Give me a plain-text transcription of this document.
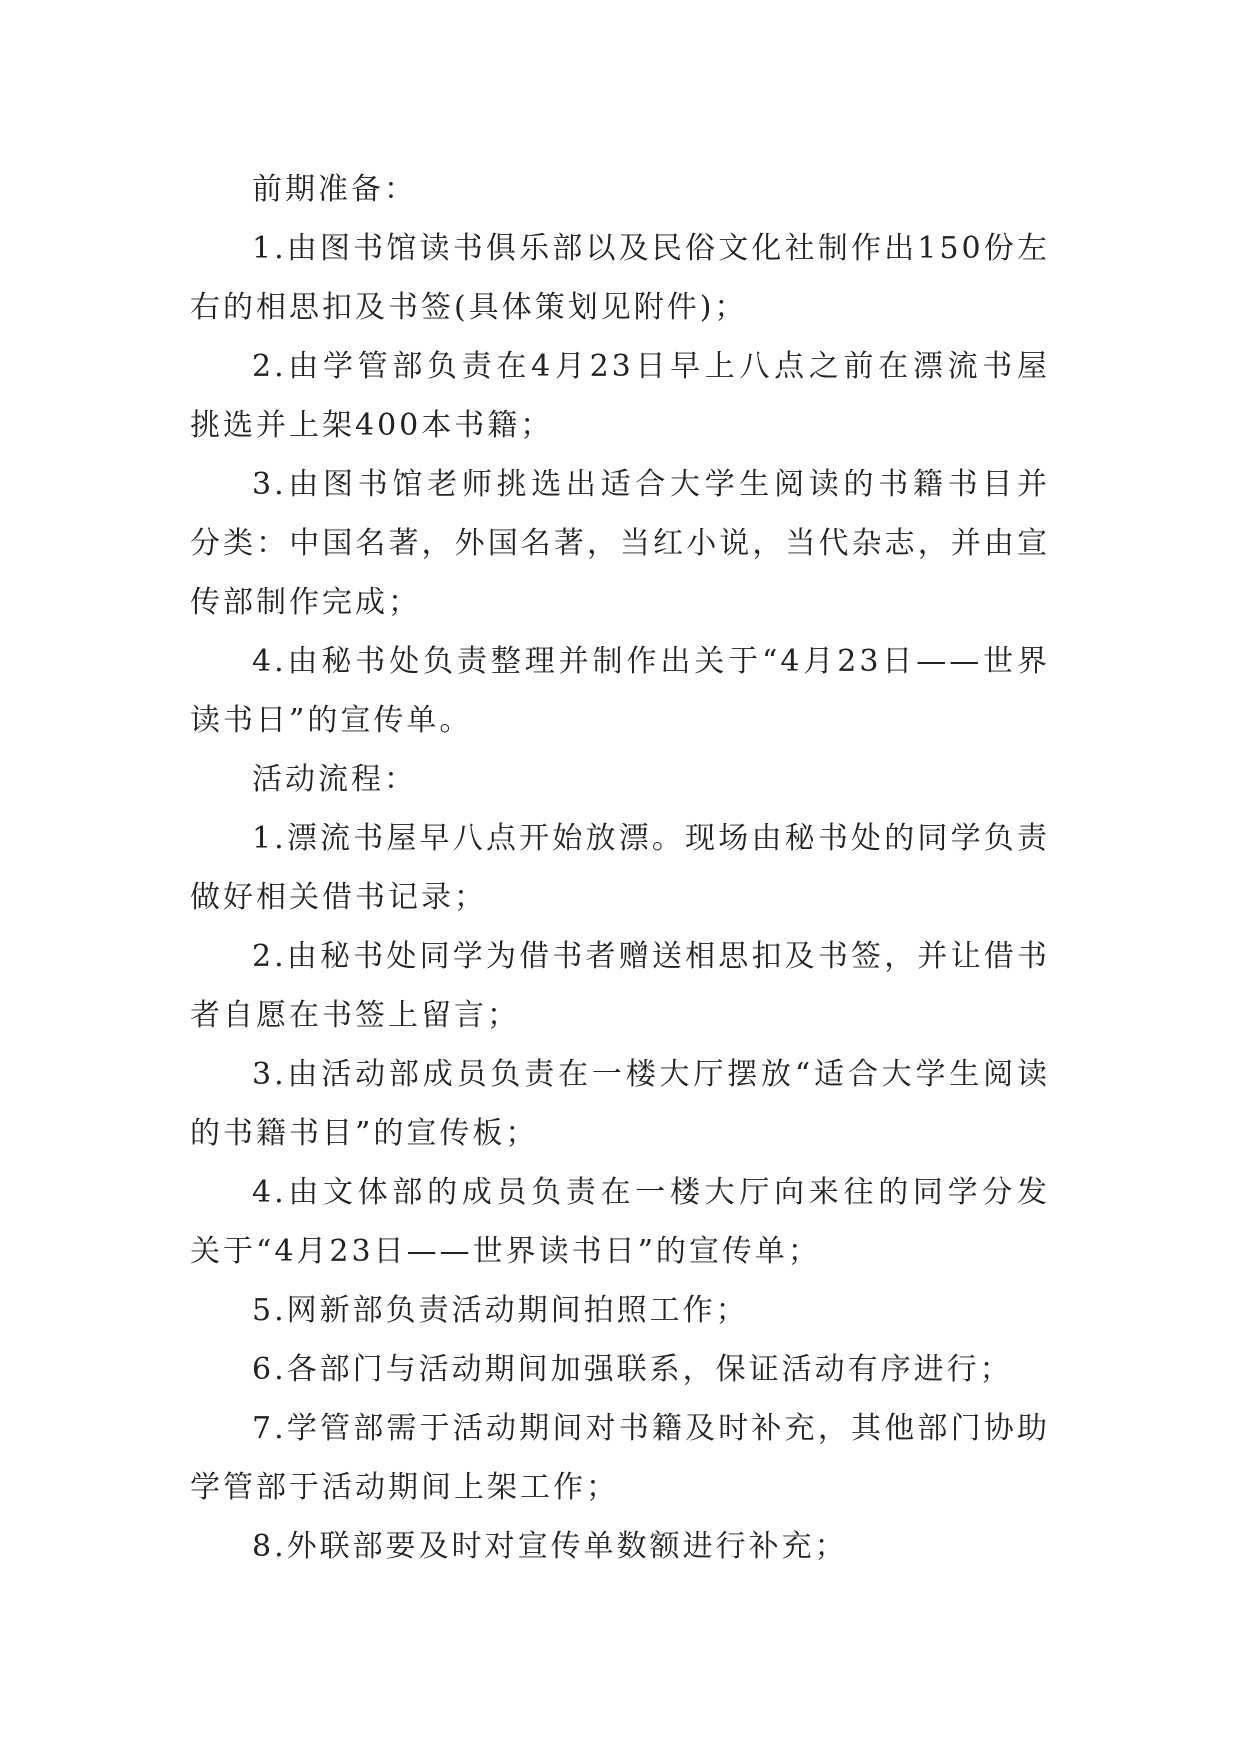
前期准备：
1.由图书馆读书俱乐部以及民俗文化社制作出150份左
右的相思扣及书签(具体策划见附件)；
2.由学管部负责在4月23日早上八点之前在漂流书屋
挑选并上架400本书籍；
3.由图书馆老师挑选出适合大学生阅读的书籍书目并
分类：中国名著，外国名著，当红小说，当代杂志，并由宣
传部制作完成；
4.由秘书处负责整理并制作出关于“4月23日——世界
读书日”的宣传单。
活动流程：
1.漂流书屋早八点开始放漂。现场由秘书处的同学负责
做好相关借书记录；
2.由秘书处同学为借书者赠送相思扣及书签，并让借书
者自愿在书签上留言；
3.由活动部成员负责在一楼大厅摆放“适合大学生阅读
的书籍书目”的宣传板；
4.由文体部的成员负责在一楼大厅向来往的同学分发
关于“4月23日——世界读书日”的宣传单；
5.网新部负责活动期间拍照工作；
6.各部门与活动期间加强联系，保证活动有序进行；
7.学管部需于活动期间对书籍及时补充，其他部门协助
学管部于活动期间上架工作；
8.外联部要及时对宣传单数额进行补充；
